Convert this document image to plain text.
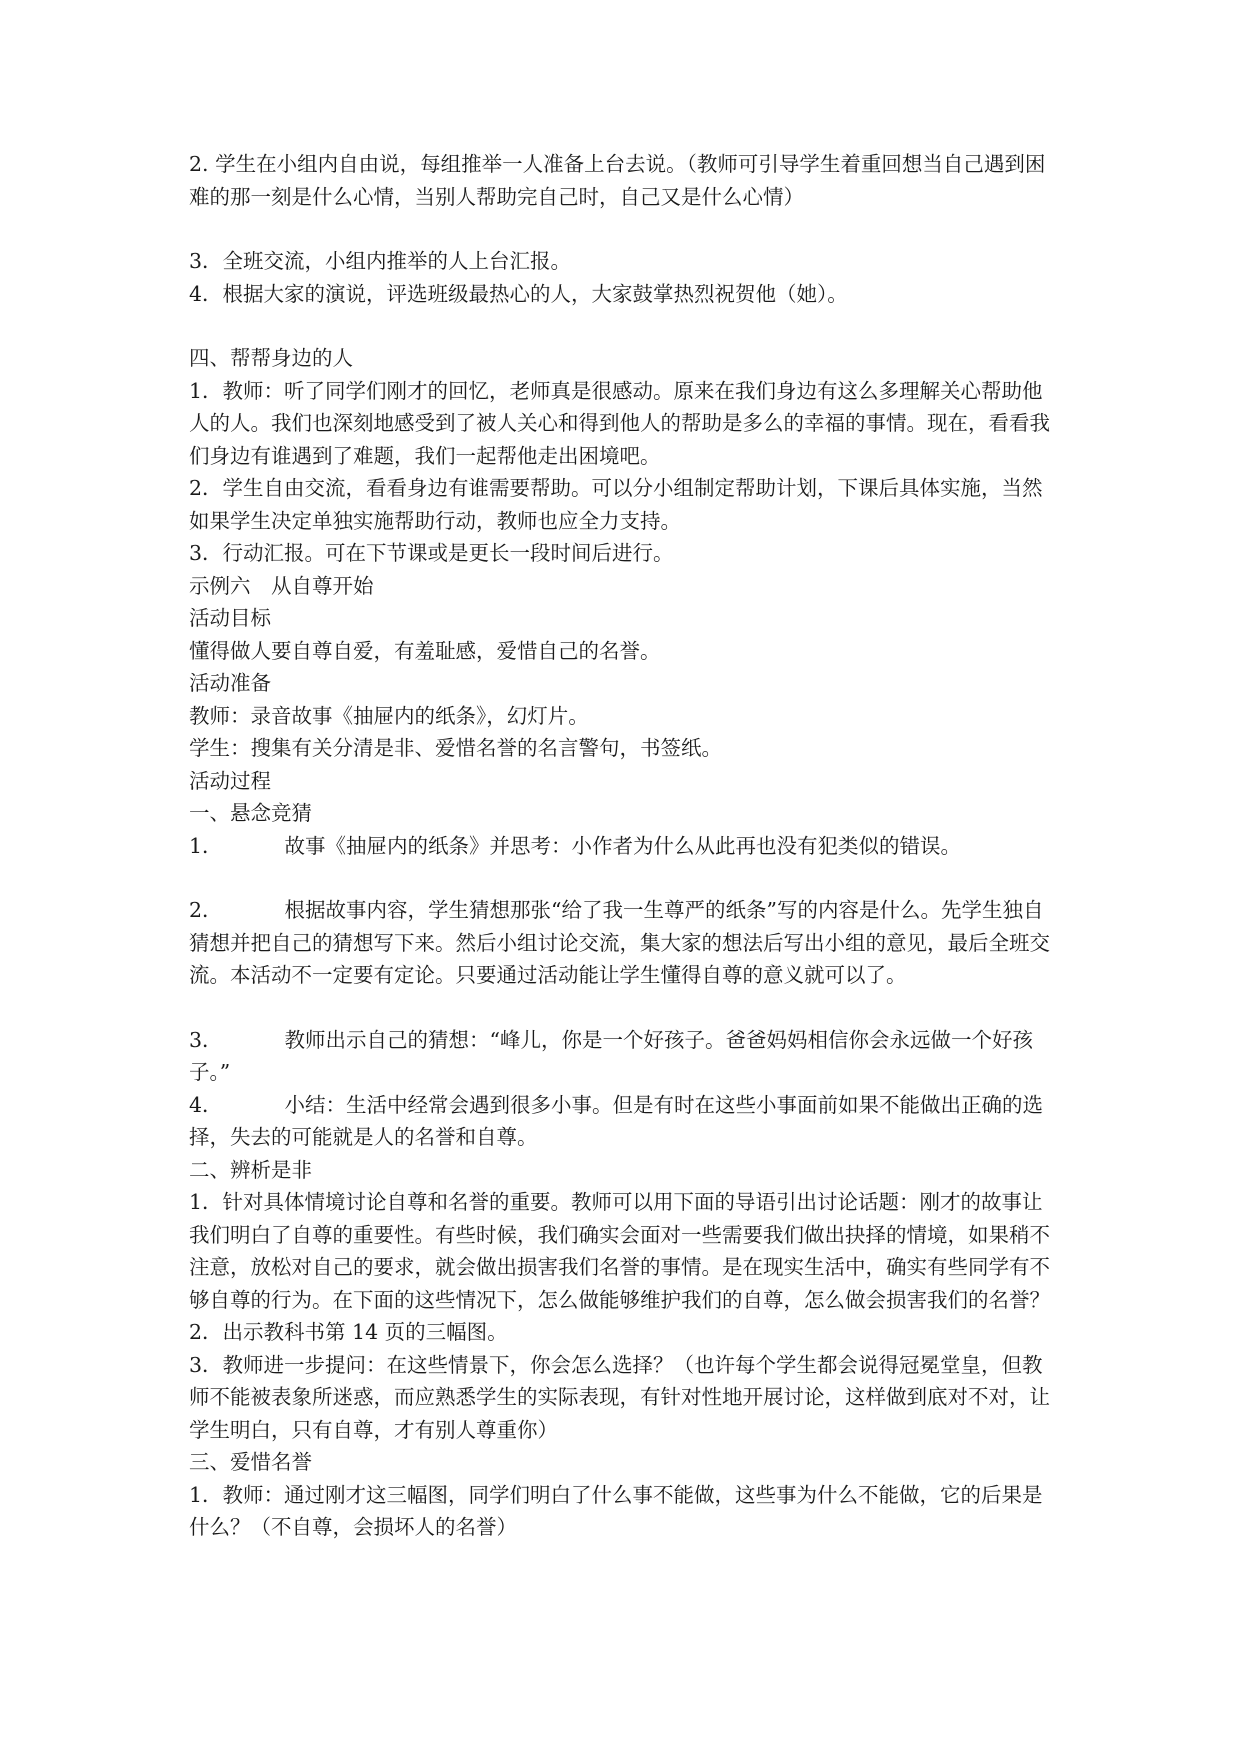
2. 学生在小组内自由说，每组推举一人准备上台去说。（教师可引导学生着重回想当自己遇到困难的那一刻是什么心情，当别人帮助完自己时，自己又是什么心情）

3．全班交流，小组内推举的人上台汇报。

4．根据大家的演说，评选班级最热心的人，大家鼓掌热烈祝贺他（她）。

四、帮帮身边的人

1．教师：听了同学们刚才的回忆，老师真是很感动。原来在我们身边有这么多理解关心帮助他人的人。我们也深刻地感受到了被人关心和得到他人的帮助是多么的幸福的事情。现在，看看我们身边有谁遇到了难题，我们一起帮他走出困境吧。

2．学生自由交流，看看身边有谁需要帮助。可以分小组制定帮助计划，下课后具体实施，当然如果学生决定单独实施帮助行动，教师也应全力支持。

3．行动汇报。可在下节课或是更长一段时间后进行。

示例六　从自尊开始

活动目标

懂得做人要自尊自爱，有羞耻感，爱惜自己的名誉。

活动准备

教师：录音故事《抽屉内的纸条》，幻灯片。

学生：搜集有关分清是非、爱惜名誉的名言警句，书签纸。

活动过程

一、悬念竞猜

1．	故事《抽屉内的纸条》并思考：小作者为什么从此再也没有犯类似的错误。

2．	根据故事内容，学生猜想那张“给了我一生尊严的纸条”写的内容是什么。先学生独自猜想并把自己的猜想写下来。然后小组讨论交流，集大家的想法后写出小组的意见，最后全班交流。本活动不一定要有定论。只要通过活动能让学生懂得自尊的意义就可以了。

3．	教师出示自己的猜想：“峰儿，你是一个好孩子。爸爸妈妈相信你会永远做一个好孩子。”

4．	小结：生活中经常会遇到很多小事。但是有时在这些小事面前如果不能做出正确的选择，失去的可能就是人的名誉和自尊。

二、辨析是非

1．针对具体情境讨论自尊和名誉的重要。教师可以用下面的导语引出讨论话题：刚才的故事让我们明白了自尊的重要性。有些时候，我们确实会面对一些需要我们做出抉择的情境，如果稍不注意，放松对自己的要求，就会做出损害我们名誉的事情。是在现实生活中，确实有些同学有不够自尊的行为。在下面的这些情况下，怎么做能够维护我们的自尊，怎么做会损害我们的名誉？

2．出示教科书第 14 页的三幅图。

3．教师进一步提问：在这些情景下，你会怎么选择？（也许每个学生都会说得冠冕堂皇，但教师不能被表象所迷惑，而应熟悉学生的实际表现，有针对性地开展讨论，这样做到底对不对，让学生明白，只有自尊，才有别人尊重你）

三、爱惜名誉

1．教师：通过刚才这三幅图，同学们明白了什么事不能做，这些事为什么不能做，它的后果是什么？（不自尊，会损坏人的名誉）
